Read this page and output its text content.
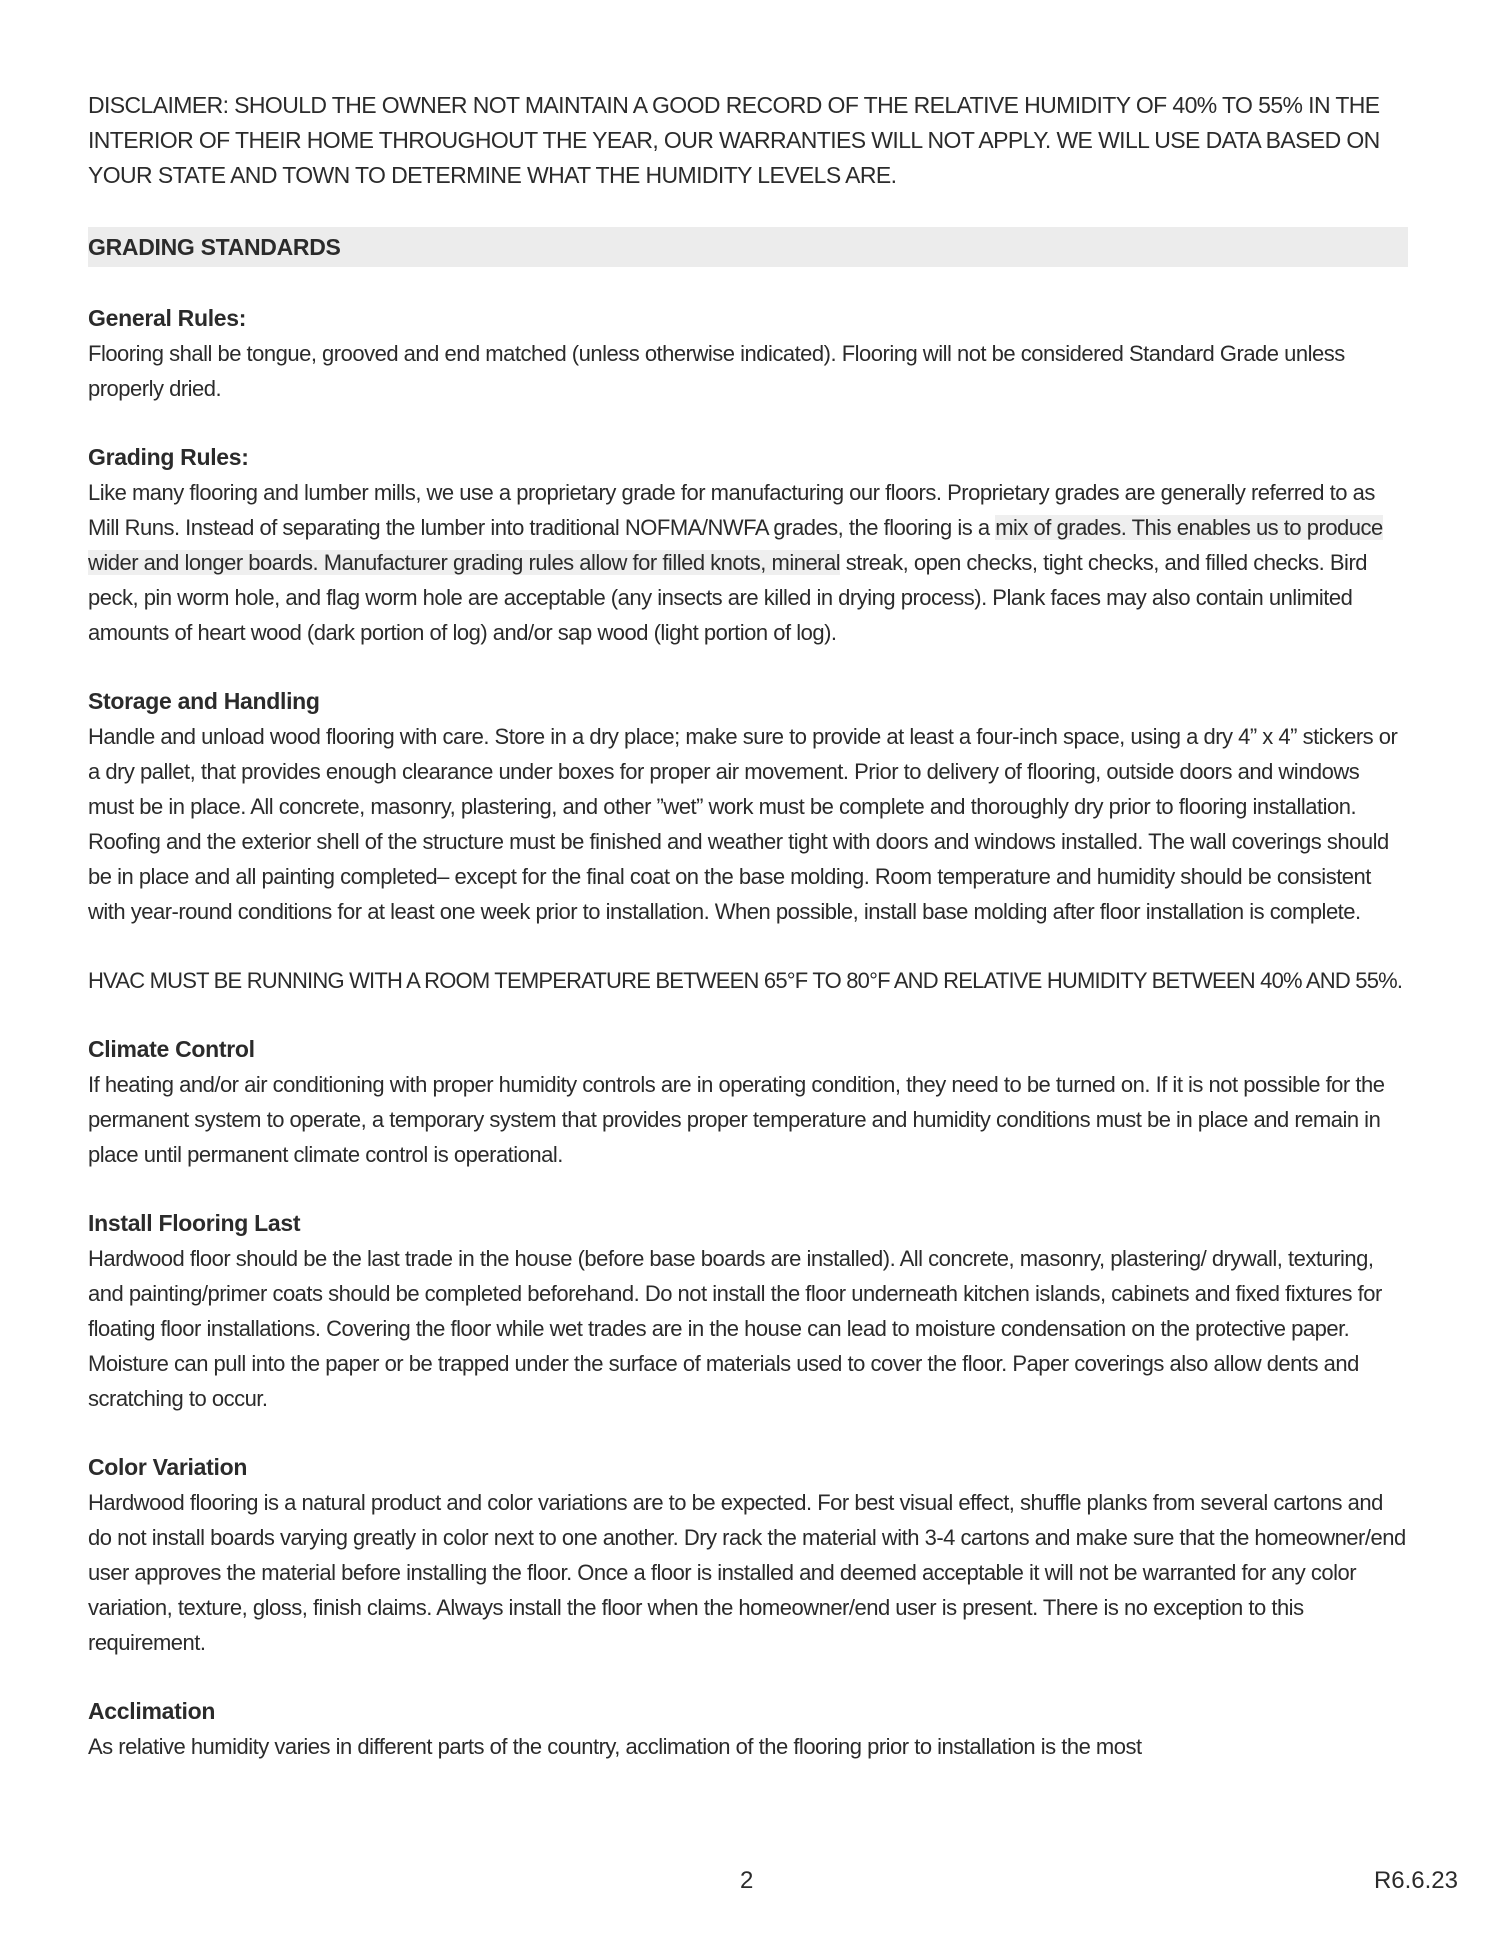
DISCLAIMER: SHOULD THE OWNER NOT MAINTAIN A GOOD RECORD OF THE RELATIVE HUMIDITY OF 40% TO 55% IN THE INTERIOR OF THEIR HOME THROUGHOUT THE YEAR, OUR WARRANTIES WILL NOT APPLY. WE WILL USE DATA BASED ON YOUR STATE AND TOWN TO DETERMINE WHAT THE HUMIDITY LEVELS ARE.

GRADING STANDARDS
General Rules:

Flooring shall be tongue, grooved and end matched (unless otherwise indicated). Flooring will not be considered Standard Grade unless properly dried.

Grading Rules:

Like many flooring and lumber mills, we use a proprietary grade for manufacturing our floors. Proprietary grades are generally referred to as Mill Runs. Instead of separating the lumber into traditional NOFMA/NWFA grades, the flooring is a mix of grades. This enables us to produce wider and longer boards. Manufacturer grading rules allow for filled knots, mineral streak, open checks, tight checks, and filled checks. Bird peck, pin worm hole, and flag worm hole are acceptable (any insects are killed in drying process). Plank faces may also contain unlimited amounts of heart wood (dark portion of log) and/or sap wood (light portion of log).

Storage and Handling

Handle and unload wood flooring with care. Store in a dry place; make sure to provide at least a four-inch space, using a dry 4” x 4” stickers or a dry pallet, that provides enough clearance under boxes for proper air movement. Prior to delivery of flooring, outside doors and windows must be in place. All concrete, masonry, plastering, and other ”wet” work must be complete and thoroughly dry prior to flooring installation. Roofing and the exterior shell of the structure must be finished and weather tight with doors and windows installed. The wall coverings should be in place and all painting completed– except for the final coat on the base molding. Room temperature and humidity should be consistent with year-round conditions for at least one week prior to installation. When possible, install base molding after floor installation is complete.

HVAC MUST BE RUNNING WITH A ROOM TEMPERATURE BETWEEN 65°F TO 80°F AND RELATIVE HUMIDITY BETWEEN 40% AND 55%.

Climate Control

If heating and/or air conditioning with proper humidity controls are in operating condition, they need to be turned on. If it is not possible for the permanent system to operate, a temporary system that provides proper temperature and humidity conditions must be in place and remain in place until permanent climate control is operational.

Install Flooring Last

Hardwood floor should be the last trade in the house (before base boards are installed). All concrete, masonry, plastering/ drywall, texturing, and painting/primer coats should be completed beforehand. Do not install the floor underneath kitchen islands, cabinets and fixed fixtures for floating floor installations. Covering the floor while wet trades are in the house can lead to moisture condensation on the protective paper. Moisture can pull into the paper or be trapped under the surface of materials used to cover the floor. Paper coverings also allow dents and scratching to occur.

Color Variation

Hardwood flooring is a natural product and color variations are to be expected. For best visual effect, shuffle planks from several cartons and do not install boards varying greatly in color next to one another. Dry rack the material with 3-4 cartons and make sure that the homeowner/end user approves the material before installing the floor. Once a floor is installed and deemed acceptable it will not be warranted for any color variation, texture, gloss, finish claims. Always install the floor when the homeowner/end user is present. There is no exception to this requirement.

Acclimation

As relative humidity varies in different parts of the country, acclimation of the flooring prior to installation is the most

2	R6.6.23
